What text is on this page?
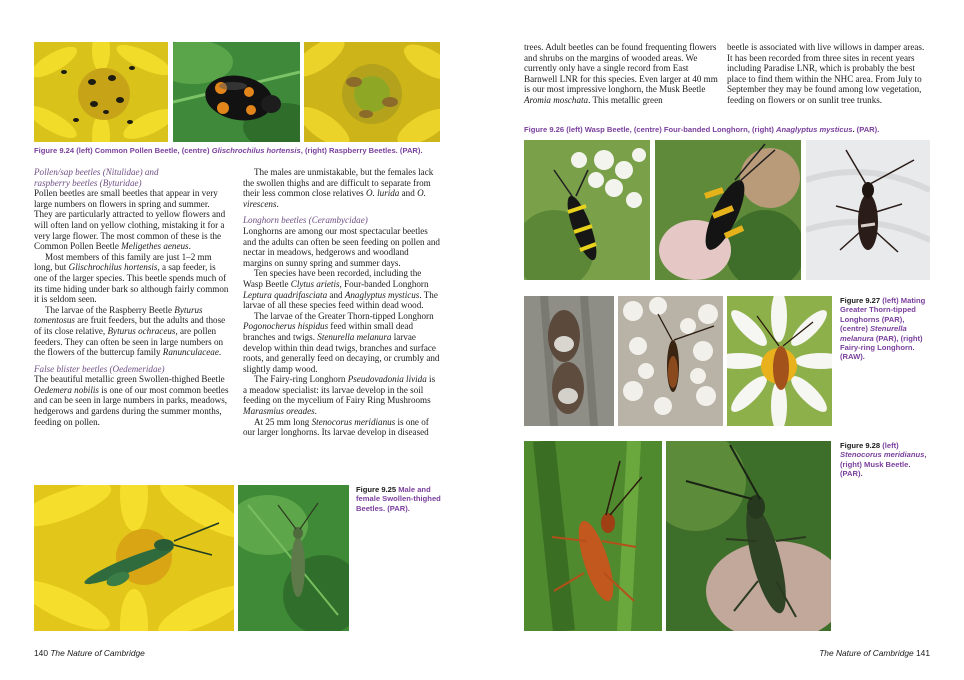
Figure 9.24 (left) Common Pollen Beetle, (centre) Glischrochilus hortensis, (right) Raspberry Beetles. (PAR).
Pollen/sap beetles (Nitulidae) and
raspberry beetles (Byturidae)

Pollen beetles are small beetles that appear in very large numbers on flowers in spring and summer. They are particularly attracted to yellow flowers and will often land on yellow clothing, mistaking it for a very large flower. The most common of these is the Common Pollen Beetle Meligethes aeneus.

Most members of this family are just 1–2 mm long, but Glischrochilus hortensis, a sap feeder, is one of the larger species. This beetle spends much of its time hiding under bark so although fairly common it is seldom seen.

The larvae of the Raspberry Beetle Byturus tomentosus are fruit feeders, but the adults and those of its close relative, Byturus ochraceus, are pollen feeders. They can often be seen in large numbers on the flowers of the buttercup family Ranunculaceae.

False blister beetles (Oedemeridae)

The beautiful metallic green Swollen-thighed Beetle Oedemera nobilis is one of our most common beetles and can be seen in large numbers in parks, meadows, hedgerows and gardens during the summer months, feeding on pollen.

The males are unmistakable, but the females lack the swollen thighs and are difficult to separate from their less common close relatives O. lurida and O. virescens.

Longhorn beetles (Cerambycidae)

Longhorns are among our most spectacular beetles and the adults can often be seen feeding on pollen and nectar in meadows, hedgerows and woodland margins on sunny spring and summer days.

Ten species have been recorded, including the Wasp Beetle Clytus arietis, Four-banded Longhorn Leptura quadrifasciata and Anaglyptus mysticus. The larvae of all these species feed within dead wood.

The larvae of the Greater Thorn-tipped Longhorn Pogonocherus hispidus feed within small dead branches and twigs. Stenurella melanura larvae develop within thin dead twigs, branches and surface roots, and generally feed on decaying, or crumbly and slightly damp wood.

The Fairy-ring Longhorn Pseudovadonia livida is a meadow specialist: its larvae develop in the soil feeding on the mycelium of Fairy Ring Mushrooms Marasmius oreades.

At 25 mm long Stenocorus meridianus is one of our larger longhorns. Its larvae develop in diseased

Figure 9.25 Male and female Swollen-thighed Beetles. (PAR).
140 The Nature of Cambridge

trees. Adult beetles can be found frequenting flowers and shrubs on the margins of wooded areas. We currently only have a single record from East Barnwell LNR for this species. Even larger at 40 mm is our most impressive longhorn, the Musk Beetle Aromia moschata. This metallic green

beetle is associated with live willows in damper areas. It has been recorded from three sites in recent years including Paradise LNR, which is probably the best place to find them within the NHC area. From July to September they may be found among low vegetation, feeding on flowers or on sunlit tree trunks.

Figure 9.26 (left) Wasp Beetle, (centre) Four-banded Longhorn, (right) Anaglyptus mysticus. (PAR).
Figure 9.27 (left) Mating Greater Thorn-tipped Longhorns (PAR), (centre) Stenurella melanura (PAR), (right) Fairy-ring Longhorn. (RAW).
Figure 9.28 (left) Stenocorus meridianus, (right) Musk Beetle. (PAR).
The Nature of Cambridge 141
